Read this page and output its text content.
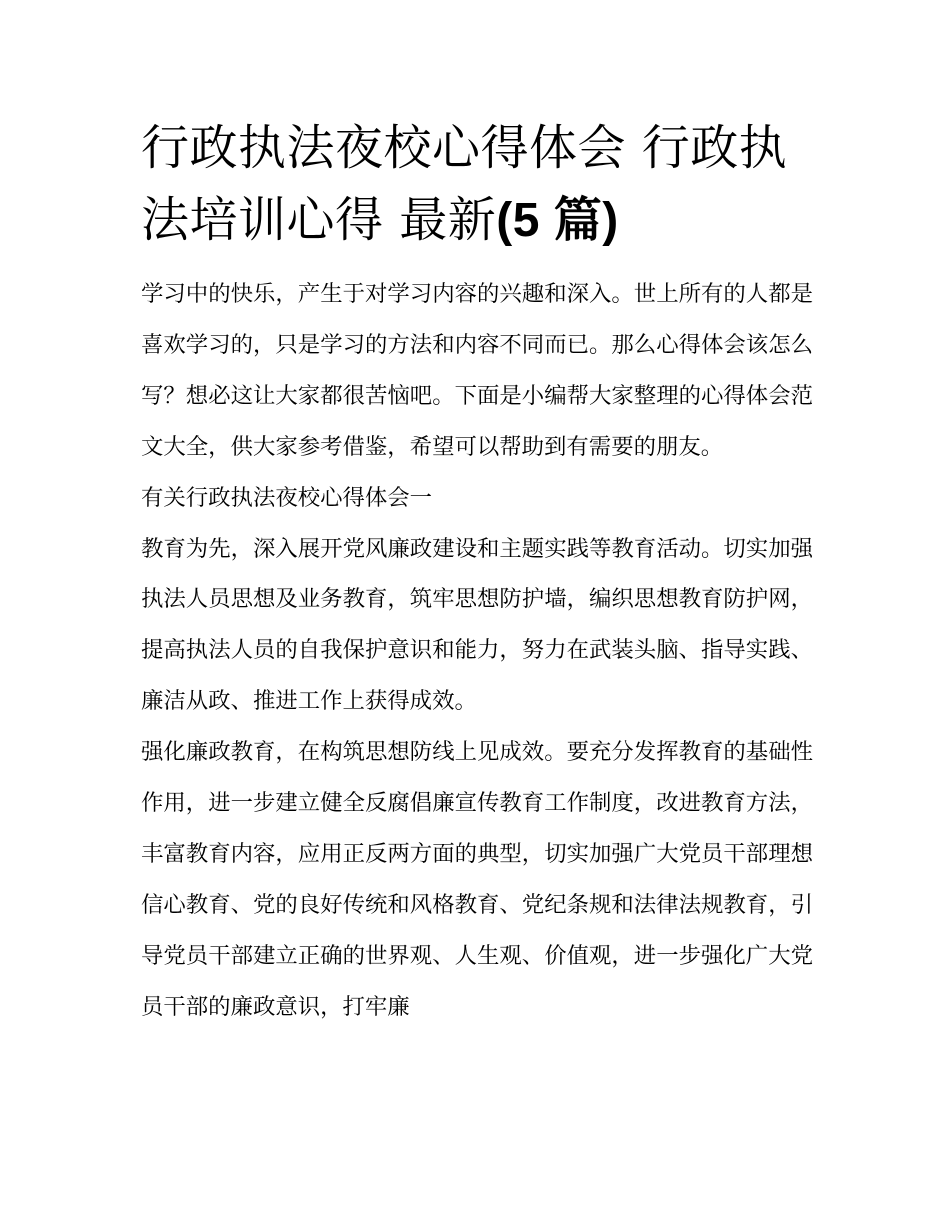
行政执法夜校心得体会 行政执法培训心得 最新(5 篇)

学习中的快乐，产生于对学习内容的兴趣和深入。世上所有的人都是喜欢学习的，只是学习的方法和内容不同而已。那么心得体会该怎么写？想必这让大家都很苦恼吧。下面是小编帮大家整理的心得体会范文大全，供大家参考借鉴，希望可以帮助到有需要的朋友。

有关行政执法夜校心得体会一

教育为先，深入展开党风廉政建设和主题实践等教育活动。切实加强执法人员思想及业务教育，筑牢思想防护墙，编织思想教育防护网，提高执法人员的自我保护意识和能力，努力在武装头脑、指导实践、廉洁从政、推进工作上获得成效。

强化廉政教育，在构筑思想防线上见成效。要充分发挥教育的基础性作用，进一步建立健全反腐倡廉宣传教育工作制度，改进教育方法，丰富教育内容，应用正反两方面的典型，切实加强广大党员干部理想信心教育、党的良好传统和风格教育、党纪条规和法律法规教育，引导党员干部建立正确的世界观、人生观、价值观，进一步强化广大党员干部的廉政意识，打牢廉
